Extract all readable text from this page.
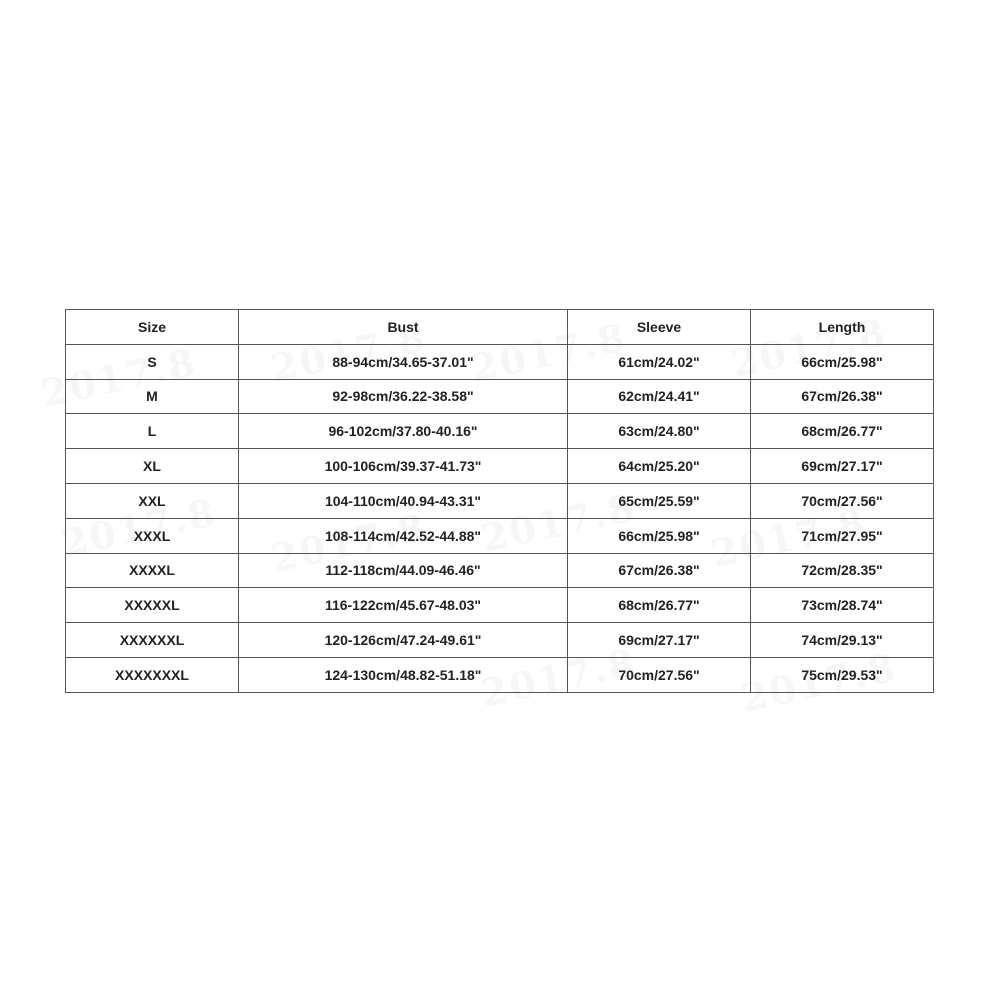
Size	Bust	Sleeve	Length
S	88-94cm/34.65-37.01"	61cm/24.02"	66cm/25.98"
M	92-98cm/36.22-38.58"	62cm/24.41"	67cm/26.38"
L	96-102cm/37.80-40.16"	63cm/24.80"	68cm/26.77"
XL	100-106cm/39.37-41.73"	64cm/25.20"	69cm/27.17"
XXL	104-110cm/40.94-43.31"	65cm/25.59"	70cm/27.56"
XXXL	108-114cm/42.52-44.88"	66cm/25.98"	71cm/27.95"
XXXXL	112-118cm/44.09-46.46"	67cm/26.38"	72cm/28.35"
XXXXXL	116-122cm/45.67-48.03"	68cm/26.77"	73cm/28.74"
XXXXXXL	120-126cm/47.24-49.61"	69cm/27.17"	74cm/29.13"
XXXXXXXL	124-130cm/48.82-51.18"	70cm/27.56"	75cm/29.53"
